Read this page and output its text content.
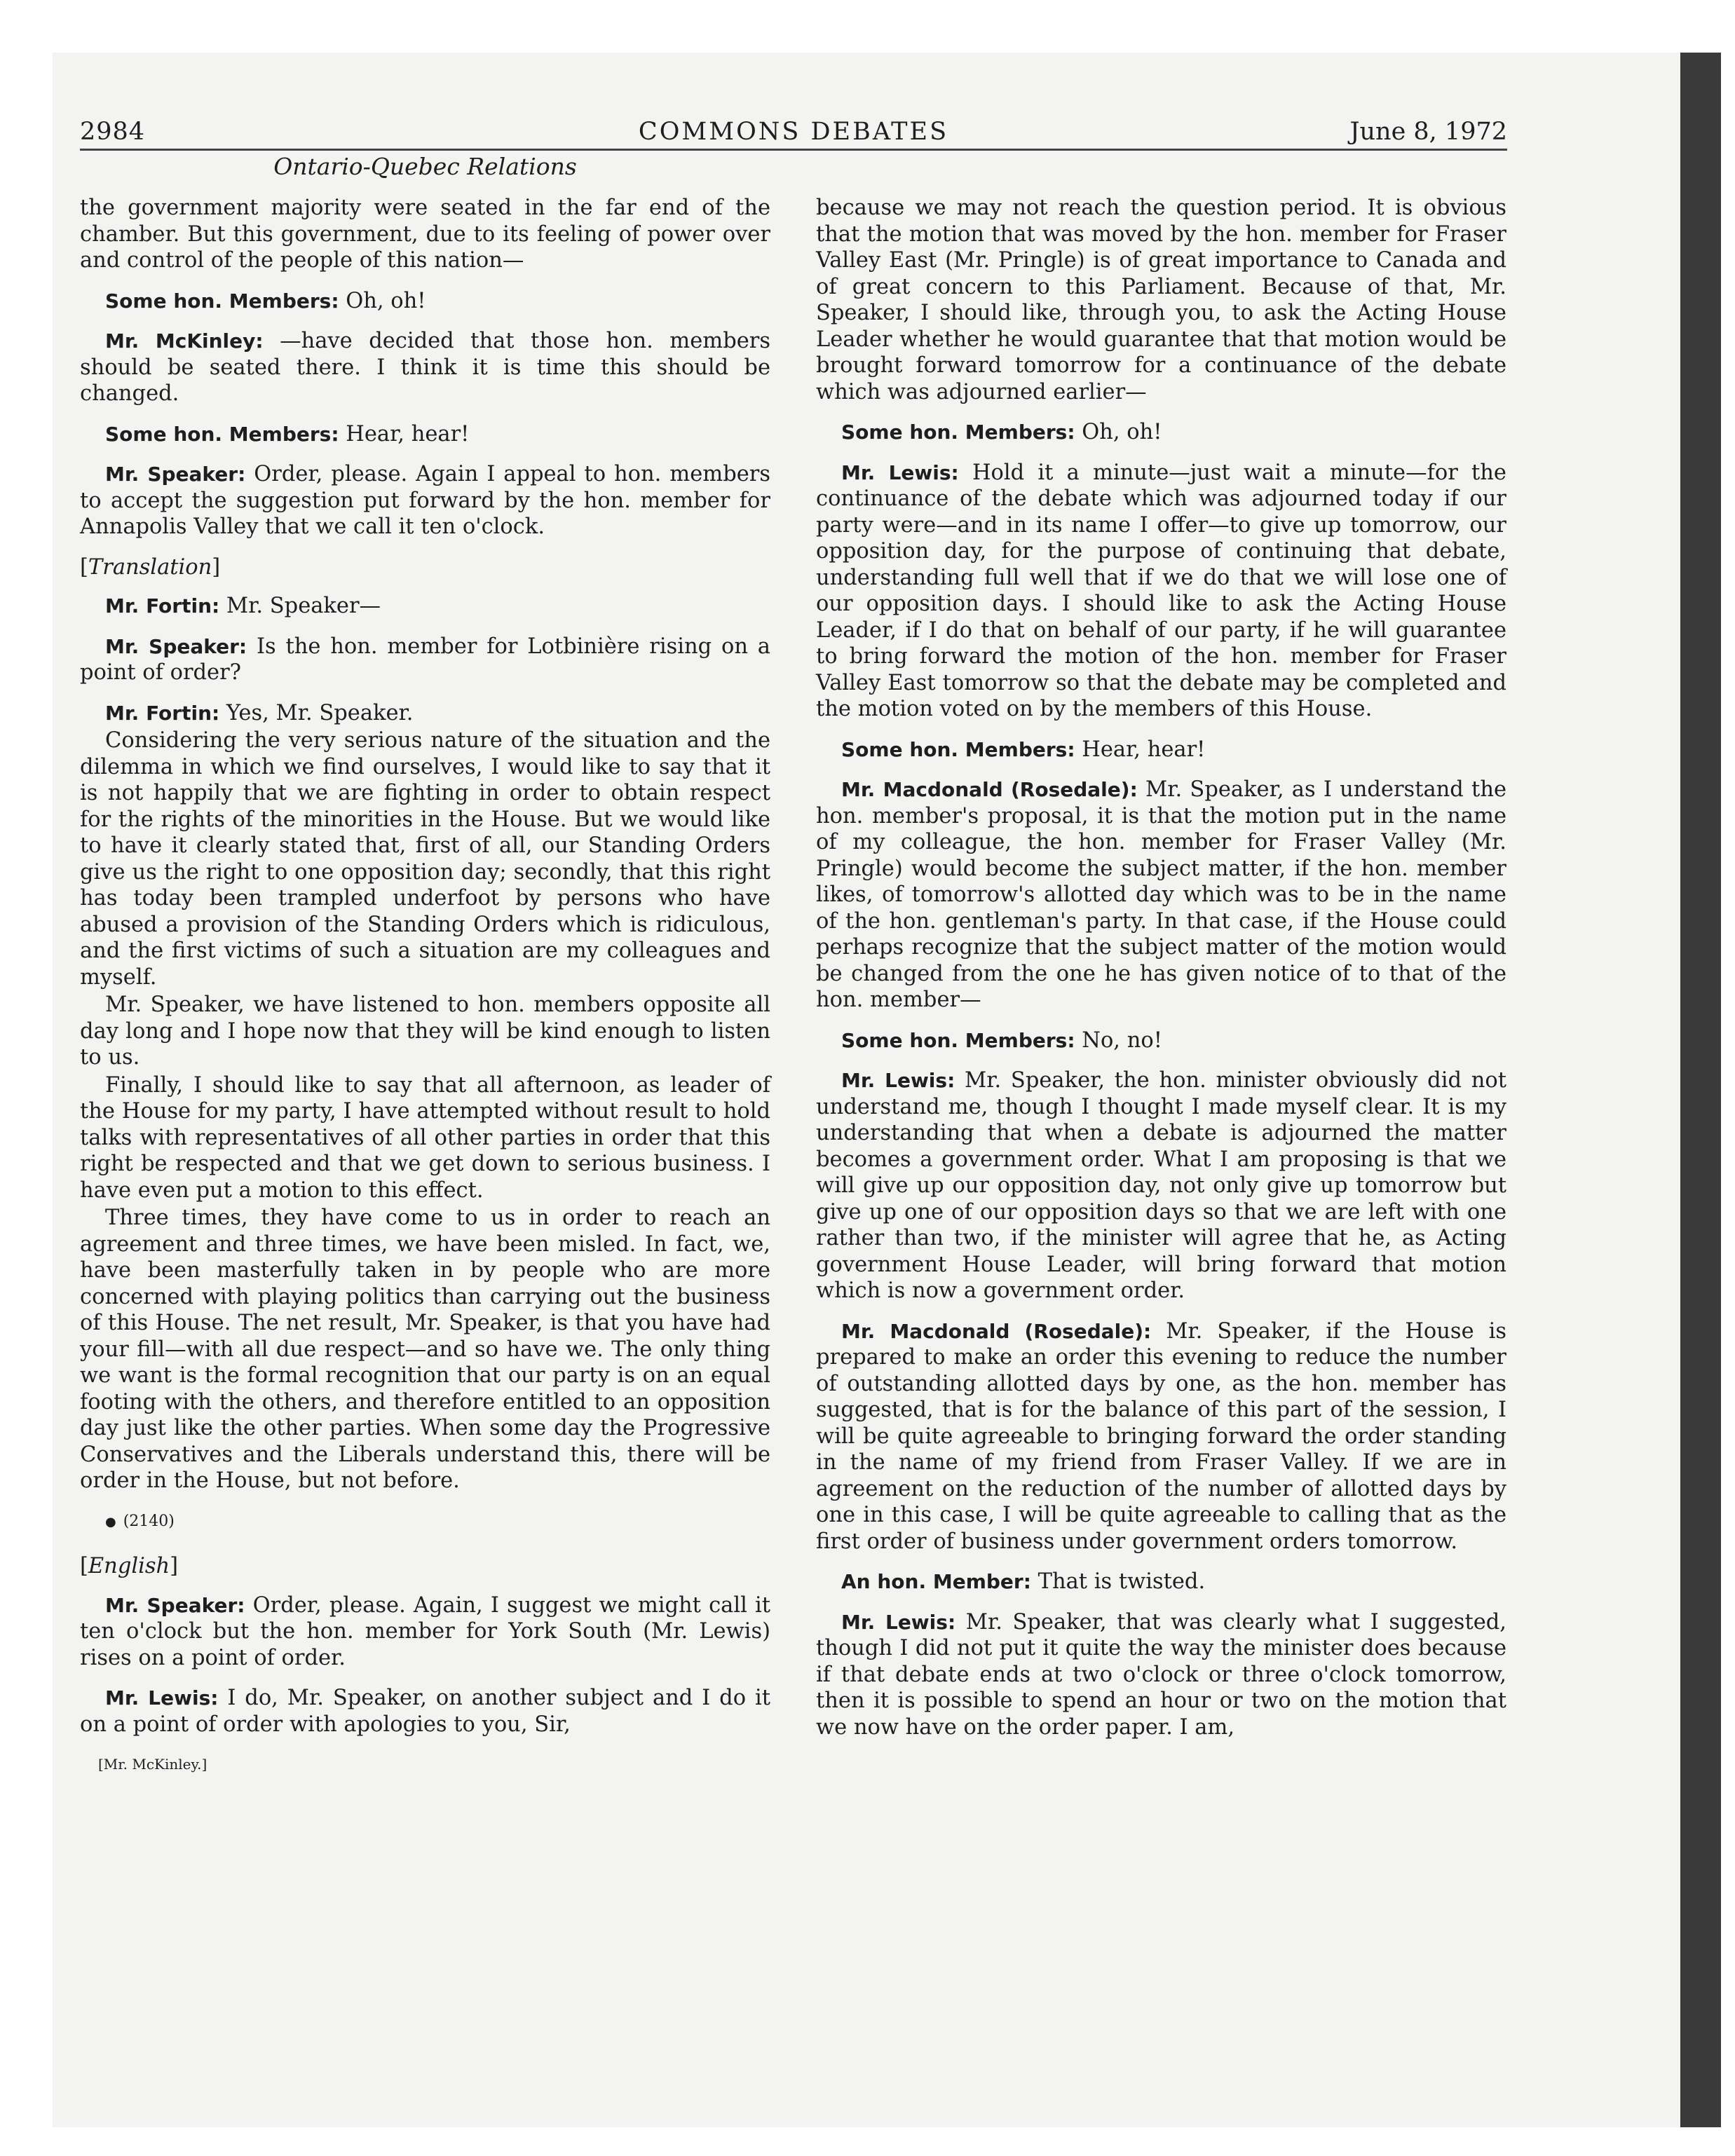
2984	COMMONS DEBATES	June 8, 1972
Ontario-Quebec Relations

the government majority were seated in the far end of the chamber. But this government, due to its feeling of power over and control of the people of this nation—

Some hon. Members: Oh, oh!

Mr. McKinley: —have decided that those hon. members should be seated there. I think it is time this should be changed.

Some hon. Members: Hear, hear!

Mr. Speaker: Order, please. Again I appeal to hon. members to accept the suggestion put forward by the hon. member for Annapolis Valley that we call it ten o'clock.

[Translation]

Mr. Fortin: Mr. Speaker—

Mr. Speaker: Is the hon. member for Lotbinière rising on a point of order?

Mr. Fortin: Yes, Mr. Speaker.

Considering the very serious nature of the situation and the dilemma in which we find ourselves, I would like to say that it is not happily that we are fighting in order to obtain respect for the rights of the minorities in the House. But we would like to have it clearly stated that, first of all, our Standing Orders give us the right to one opposition day; secondly, that this right has today been trampled underfoot by persons who have abused a provision of the Standing Orders which is ridiculous, and the first victims of such a situation are my colleagues and myself.

Mr. Speaker, we have listened to hon. members opposite all day long and I hope now that they will be kind enough to listen to us.

Finally, I should like to say that all afternoon, as leader of the House for my party, I have attempted without result to hold talks with representatives of all other parties in order that this right be respected and that we get down to serious business. I have even put a motion to this effect.

Three times, they have come to us in order to reach an agreement and three times, we have been misled. In fact, we, have been masterfully taken in by people who are more concerned with playing politics than carrying out the business of this House. The net result, Mr. Speaker, is that you have had your fill—with all due respect—and so have we. The only thing we want is the formal recognition that our party is on an equal footing with the others, and therefore entitled to an opposition day just like the other parties. When some day the Progressive Conservatives and the Liberals understand this, there will be order in the House, but not before.

● (2140)
[English]

Mr. Speaker: Order, please. Again, I suggest we might call it ten o'clock but the hon. member for York South (Mr. Lewis) rises on a point of order.

Mr. Lewis: I do, Mr. Speaker, on another subject and I do it on a point of order with apologies to you, Sir,

[Mr. McKinley.]

because we may not reach the question period. It is obvious that the motion that was moved by the hon. member for Fraser Valley East (Mr. Pringle) is of great importance to Canada and of great concern to this Parliament. Because of that, Mr. Speaker, I should like, through you, to ask the Acting House Leader whether he would guarantee that that motion would be brought forward tomorrow for a continuance of the debate which was adjourned earlier—

Some hon. Members: Oh, oh!

Mr. Lewis: Hold it a minute—just wait a minute—for the continuance of the debate which was adjourned today if our party were—and in its name I offer—to give up tomorrow, our opposition day, for the purpose of continuing that debate, understanding full well that if we do that we will lose one of our opposition days. I should like to ask the Acting House Leader, if I do that on behalf of our party, if he will guarantee to bring forward the motion of the hon. member for Fraser Valley East tomorrow so that the debate may be completed and the motion voted on by the members of this House.

Some hon. Members: Hear, hear!

Mr. Macdonald (Rosedale): Mr. Speaker, as I understand the hon. member's proposal, it is that the motion put in the name of my colleague, the hon. member for Fraser Valley (Mr. Pringle) would become the subject matter, if the hon. member likes, of tomorrow's allotted day which was to be in the name of the hon. gentleman's party. In that case, if the House could perhaps recognize that the subject matter of the motion would be changed from the one he has given notice of to that of the hon. member—

Some hon. Members: No, no!

Mr. Lewis: Mr. Speaker, the hon. minister obviously did not understand me, though I thought I made myself clear. It is my understanding that when a debate is adjourned the matter becomes a government order. What I am proposing is that we will give up our opposition day, not only give up tomorrow but give up one of our opposition days so that we are left with one rather than two, if the minister will agree that he, as Acting government House Leader, will bring forward that motion which is now a government order.

Mr. Macdonald (Rosedale): Mr. Speaker, if the House is prepared to make an order this evening to reduce the number of outstanding allotted days by one, as the hon. member has suggested, that is for the balance of this part of the session, I will be quite agreeable to bringing forward the order standing in the name of my friend from Fraser Valley. If we are in agreement on the reduction of the number of allotted days by one in this case, I will be quite agreeable to calling that as the first order of business under government orders tomorrow.

An hon. Member: That is twisted.

Mr. Lewis: Mr. Speaker, that was clearly what I suggested, though I did not put it quite the way the minister does because if that debate ends at two o'clock or three o'clock tomorrow, then it is possible to spend an hour or two on the motion that we now have on the order paper. I am,
